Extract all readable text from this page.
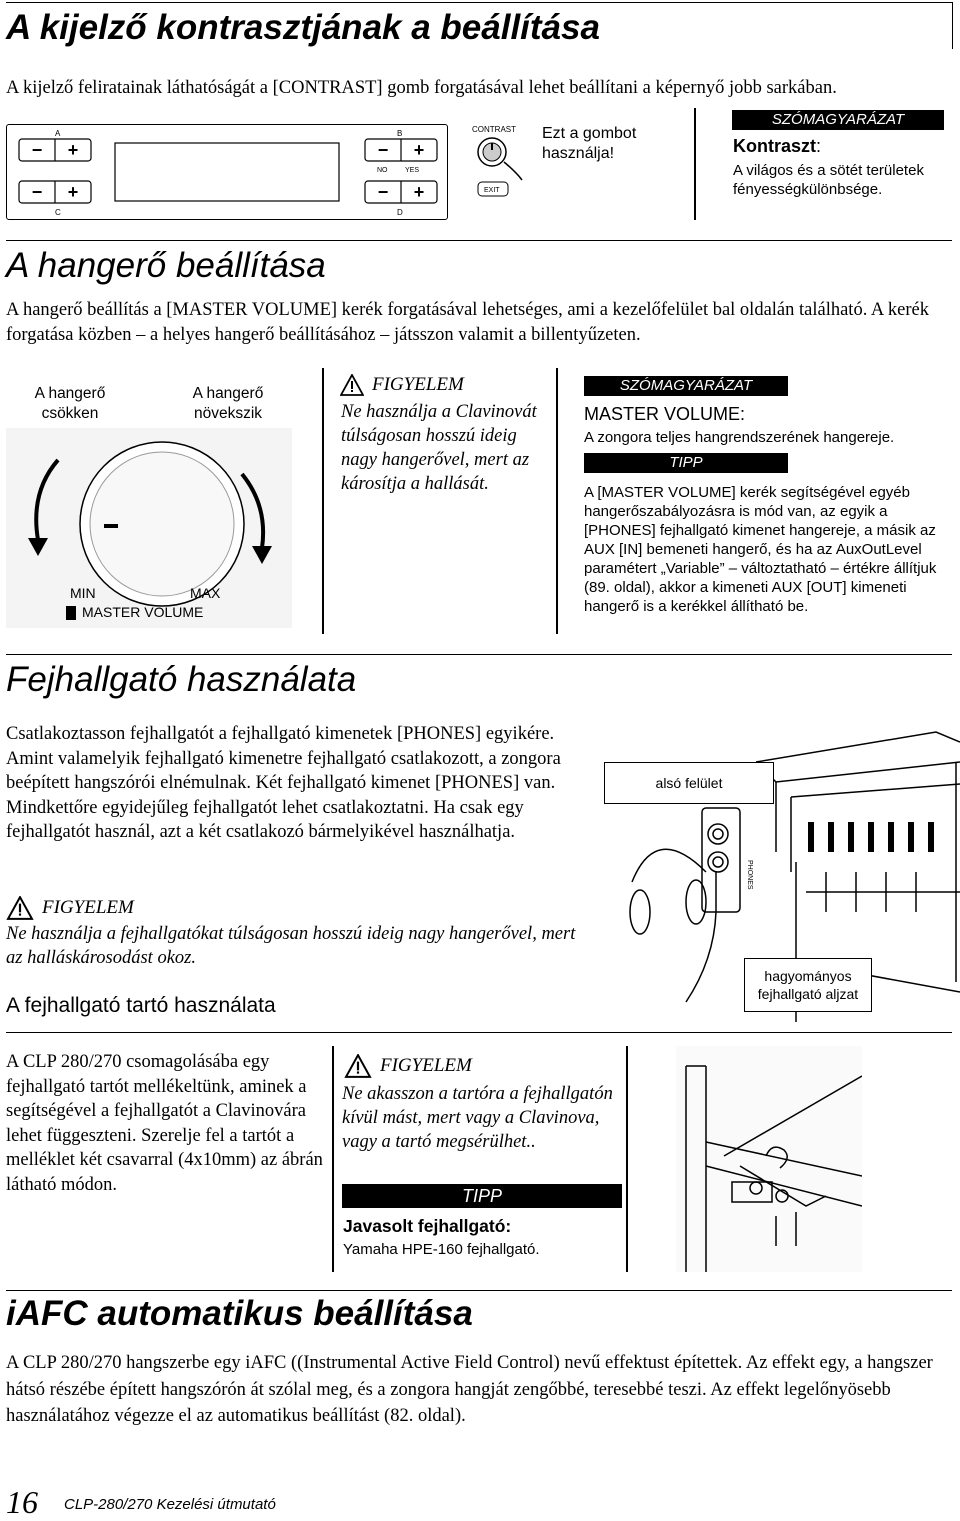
A kijelző kontrasztjának a beállítása
A kijelző feliratainak láthatóságát a [CONTRAST] gomb forgatásával lehet beállítani a képernyő jobb sarkában.
A	B
C	D
− +
− +
− +
− +
NO	YES
CONTRAST
EXIT
Ezt a gombot használja!
SZÓMAGYARÁZAT
Kontraszt:
A világos és a sötét területek fényességkülönbsége.
A hangerő beállítása
A hangerő beállítás a [MASTER VOLUME] kerék forgatásával lehetséges, ami a kezelőfelület bal oldalán található. A kerék forgatása közben – a helyes hangerő beállításához – játsszon valamit a billentyűzeten.
A hangerő csökken
A hangerő növekszik
MIN	MAX
MASTER VOLUME
FIGYELEM
Ne használja a Clavinovát túlságosan hosszú ideig nagy hangerővel, mert az károsítja a hallását.
SZÓMAGYARÁZAT
MASTER VOLUME:
A zongora teljes hangrendszerének hangereje.
TIPP
A [MASTER VOLUME] kerék segítségével egyéb hangerőszabályozásra is mód van, az egyik a [PHONES] fejhallgató kimenet hangereje, a másik az AUX [IN] bemeneti hangerő, és ha az AuxOutLevel paramétert „Variable” – változtatható – értékre állítjuk (89. oldal), akkor a kimeneti AUX [OUT] kimeneti hangerő is a kerékkel állítható be.
Fejhallgató használata
Csatlakoztasson fejhallgatót a fejhallgató kimenetek [PHONES] egyikére. Amint valamelyik fejhallgató kimenetre fejhallgató csatlakozott, a zongora beépített hangszórói elnémulnak. Két fejhallgató kimenet [PHONES] van. Mindkettőre egyidejűleg fejhallgatót lehet csatlakoztatni. Ha csak egy fejhallgatót használ, azt a két csatlakozó bármelyikével használhatja.
PHONES
alsó felület
hagyományos fejhallgató aljzat
FIGYELEM
Ne használja a fejhallgatókat túlságosan hosszú ideig nagy hangerővel, mert az halláskárosodást okoz.
A fejhallgató tartó használata
A CLP 280/270 csomagolásába egy fejhallgató tartót mellékeltünk, aminek a segítségével a fejhallgatót a Clavinovára lehet függeszteni. Szerelje fel a tartót a melléklet két csavarral (4x10mm) az ábrán látható módon.
FIGYELEM
Ne akasszon a tartóra a fejhallgatón kívül mást, mert vagy a Clavinova, vagy a tartó megsérülhet..
TIPP
Javasolt fejhallgató:
Yamaha HPE-160 fejhallgató.
iAFC automatikus beállítása
A CLP 280/270 hangszerbe egy iAFC ((Instrumental Active Field Control) nevű effektust építettek. Az effekt egy, a hangszer hátsó részébe épített hangszórón át szólal meg, és a zongora hangját zengőbbé, teresebbé teszi. Az effekt legelőnyösebb használatához végezze el az automatikus beállítást (82. oldal).
16 CLP-280/270 Kezelési útmutató
